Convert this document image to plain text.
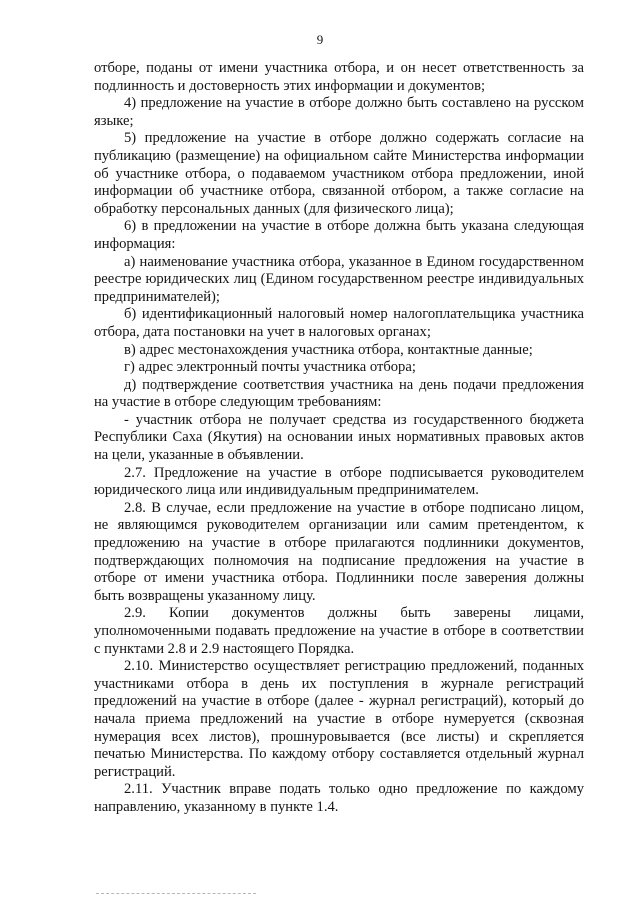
9

отборе, поданы от имени участника отбора, и он несет ответственность за подлинность и достоверность этих информации и документов;

4) предложение на участие в отборе должно быть составлено на русском языке;

5) предложение на участие в отборе должно содержать согласие на публикацию (размещение) на официальном сайте Министерства информации об участнике отбора, о подаваемом участником отбора предложении, иной информации об участнике отбора, связанной отбором, а также согласие на обработку персональных данных (для физического лица);

6) в предложении на участие в отборе должна быть указана следующая информация:

а) наименование участника отбора, указанное в Едином государственном реестре юридических лиц (Едином государственном реестре индивидуальных предпринимателей);

б) идентификационный налоговый номер налогоплательщика участника отбора, дата постановки на учет в налоговых органах;

в) адрес местонахождения участника отбора, контактные данные;

г) адрес электронный почты участника отбора;

д) подтверждение соответствия участника на день подачи предложения на участие в отборе следующим требованиям:

- участник отбора не получает средства из государственного бюджета Республики Саха (Якутия) на основании иных нормативных правовых актов на цели, указанные в объявлении.

2.7. Предложение на участие в отборе подписывается руководителем юридического лица или индивидуальным предпринимателем.

2.8. В случае, если предложение на участие в отборе подписано лицом, не являющимся руководителем организации или самим претендентом, к предложению на участие в отборе прилагаются подлинники документов, подтверждающих полномочия на подписание предложения на участие в отборе от имени участника отбора. Подлинники после заверения должны быть возвращены указанному лицу.

2.9. Копии документов должны быть заверены лицами, уполномоченными подавать предложение на участие в отборе в соответствии с пунктами 2.8 и 2.9 настоящего Порядка.

2.10. Министерство осуществляет регистрацию предложений, поданных участниками отбора в день их поступления в журнале регистраций предложений на участие в отборе (далее - журнал регистраций), который до начала приема предложений на участие в отборе нумеруется (сквозная нумерация всех листов), прошнуровывается (все листы) и скрепляется печатью Министерства. По каждому отбору составляется отдельный журнал регистраций.

2.11. Участник вправе подать только одно предложение по каждому направлению, указанному в пункте 1.4.
